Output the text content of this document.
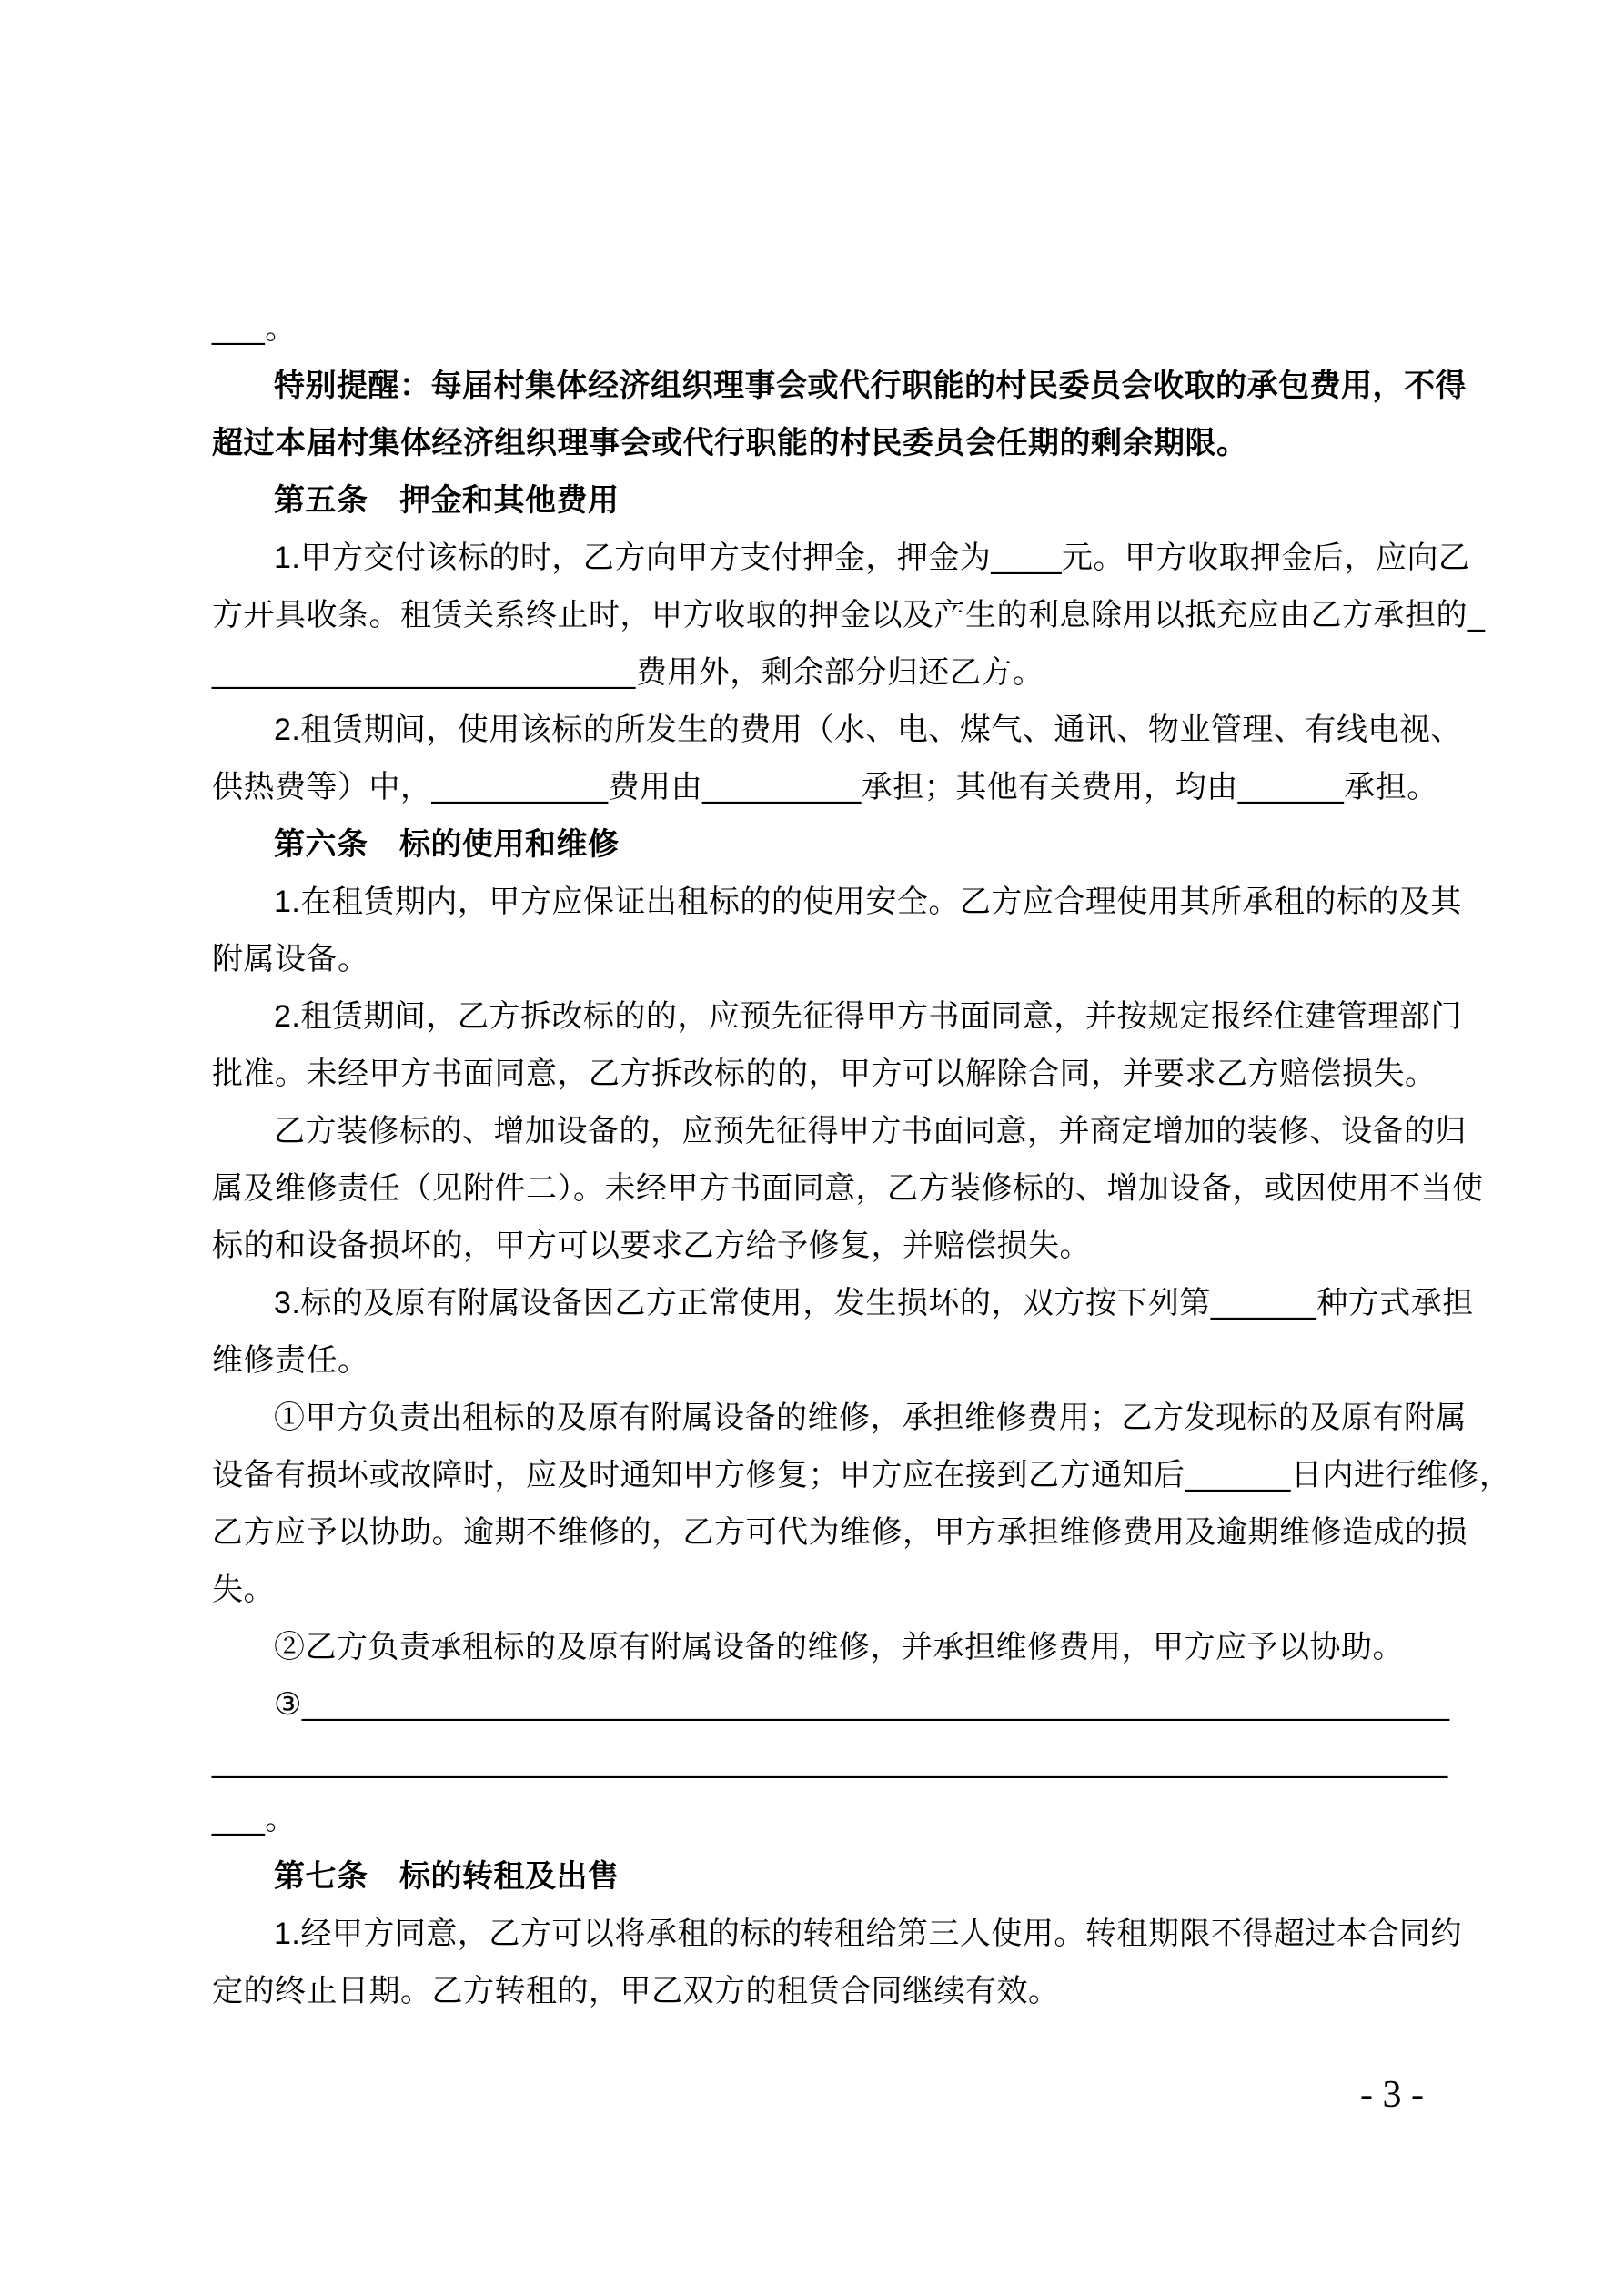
___。
特别提醒：每届村集体经济组织理事会或代行职能的村民委员会收取的承包费用，不得
超过本届村集体经济组织理事会或代行职能的村民委员会任期的剩余期限。
第五条　押金和其他费用
1.甲方交付该标的时，乙方向甲方支付押金，押金为____元。甲方收取押金后，应向乙
方开具收条。租赁关系终止时，甲方收取的押金以及产生的利息除用以抵充应由乙方承担的_
________________________费用外，剩余部分归还乙方。
2.租赁期间，使用该标的所发生的费用（水、电、煤气、通讯、物业管理、有线电视、
供热费等）中，__________费用由_________承担；其他有关费用，均由______承担。
第六条　标的使用和维修
1.在租赁期内，甲方应保证出租标的的使用安全。乙方应合理使用其所承租的标的及其
附属设备。
2.租赁期间，乙方拆改标的的，应预先征得甲方书面同意，并按规定报经住建管理部门
批准。未经甲方书面同意，乙方拆改标的的，甲方可以解除合同，并要求乙方赔偿损失。
乙方装修标的、增加设备的，应预先征得甲方书面同意，并商定增加的装修、设备的归
属及维修责任（见附件二）。未经甲方书面同意，乙方装修标的、增加设备，或因使用不当使
标的和设备损坏的，甲方可以要求乙方给予修复，并赔偿损失。
3.标的及原有附属设备因乙方正常使用，发生损坏的，双方按下列第______种方式承担
维修责任。
①甲方负责出租标的及原有附属设备的维修，承担维修费用；乙方发现标的及原有附属
设备有损坏或故障时，应及时通知甲方修复；甲方应在接到乙方通知后______日内进行维修，
乙方应予以协助。逾期不维修的，乙方可代为维修，甲方承担维修费用及逾期维修造成的损
失。
②乙方负责承租标的及原有附属设备的维修，并承担维修费用，甲方应予以协助。
③_________________________________________________________________
______________________________________________________________________
___。
第七条　标的转租及出售
1.经甲方同意，乙方可以将承租的标的转租给第三人使用。转租期限不得超过本合同约
定的终止日期。乙方转租的，甲乙双方的租赁合同继续有效。
- 3 -
